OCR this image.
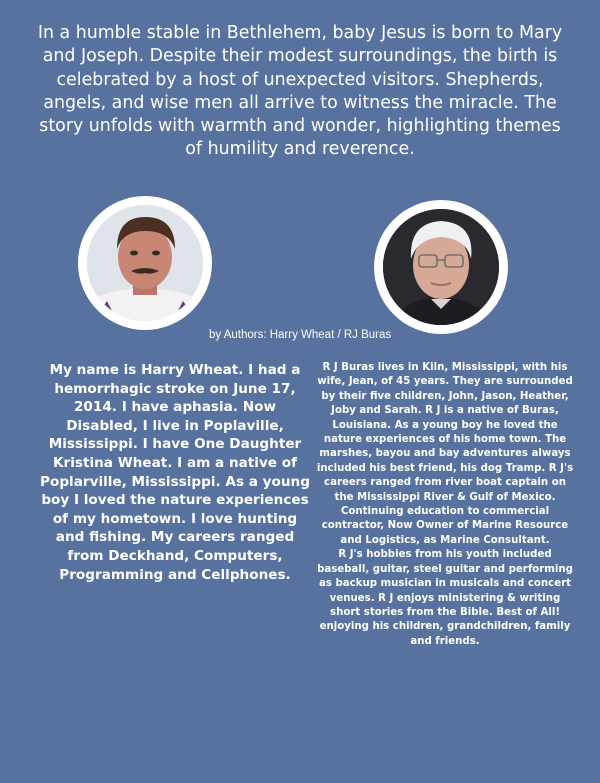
In a humble stable in Bethlehem, baby Jesus is born to Mary and Joseph. Despite their modest surroundings, the birth is celebrated by a host of unexpected visitors. Shepherds, angels, and wise men all arrive to witness the miracle. The story unfolds with warmth and wonder, highlighting themes of humility and reverence.
by Authors: Harry Wheat / RJ Buras
My name is Harry Wheat. I had a hemorrhagic stroke on June 17, 2014. I have aphasia. Now Disabled, I live in Poplaville, Mississippi. I have One Daughter Kristina Wheat. I am a native of Poplarville, Mississippi. As a young boy I loved the nature experiences of my hometown. I love hunting and fishing. My careers ranged from Deckhand, Computers, Programming and Cellphones.

R J Buras lives in Kiln, Mississippi, with his wife, Jean, of 45 years. They are surrounded by their five children, John, Jason, Heather, Joby and Sarah. R J is a native of Buras, Louisiana. As a young boy he loved the nature experiences of his home town. The marshes, bayou and bay adventures always included his best friend, his dog Tramp. R J's careers ranged from river boat captain on the Mississippi River & Gulf of Mexico. Continuing education to commercial contractor, Now Owner of Marine Resource and Logistics, as Marine Consultant.

R J's hobbies from his youth included baseball, guitar, steel guitar and performing as backup musician in musicals and concert venues. R J enjoys ministering & writing short stories from the Bible. Best of All! enjoying his children, grandchildren, family and friends.
